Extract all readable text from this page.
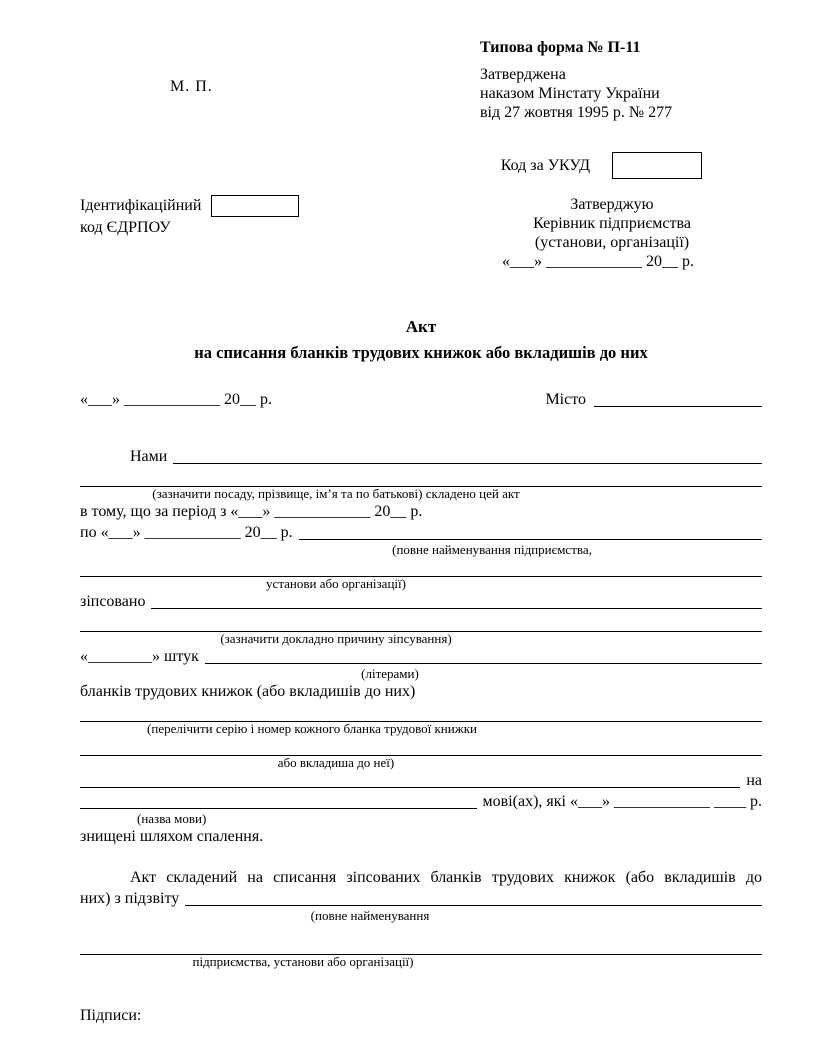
М. П.
Типова форма № П-11
Затверджена
наказом Мінстату України
від 27 жовтня 1995 р. № 277
Код за УКУД
Ідентифікаційний
код ЄДРПОУ
Затверджую
Керівник підприємства
(установи, організації)
«___» ____________ 20__ р.
Акт
на списання бланків трудових книжок або вкладишів до них
«___» ____________ 20__ р.	Місто
Нами
(зазначити посаду, прізвище, ім’я та по батькові) складено цей акт
в тому, що за період з «___» ____________ 20__ р.
по «___» ____________ 20__ р.
(повне найменування підприємства,
установи або організації)
зіпсовано
(зазначити докладно причину зіпсування)
«________» штук
(літерами)
бланків трудових книжок (або вкладишів до них)
(перелічити серію і номер кожного бланка трудової книжки
або вкладиша до неї)
на
мові(ах), які «___» ____________ ____ р.
(назва мови)
знищені шляхом спалення.
Акт складений на списання зіпсованих бланків трудових книжок (або вкладишів до
них) з підзвіту
(повне найменування
підприємства, установи або організації)
Підписи:
